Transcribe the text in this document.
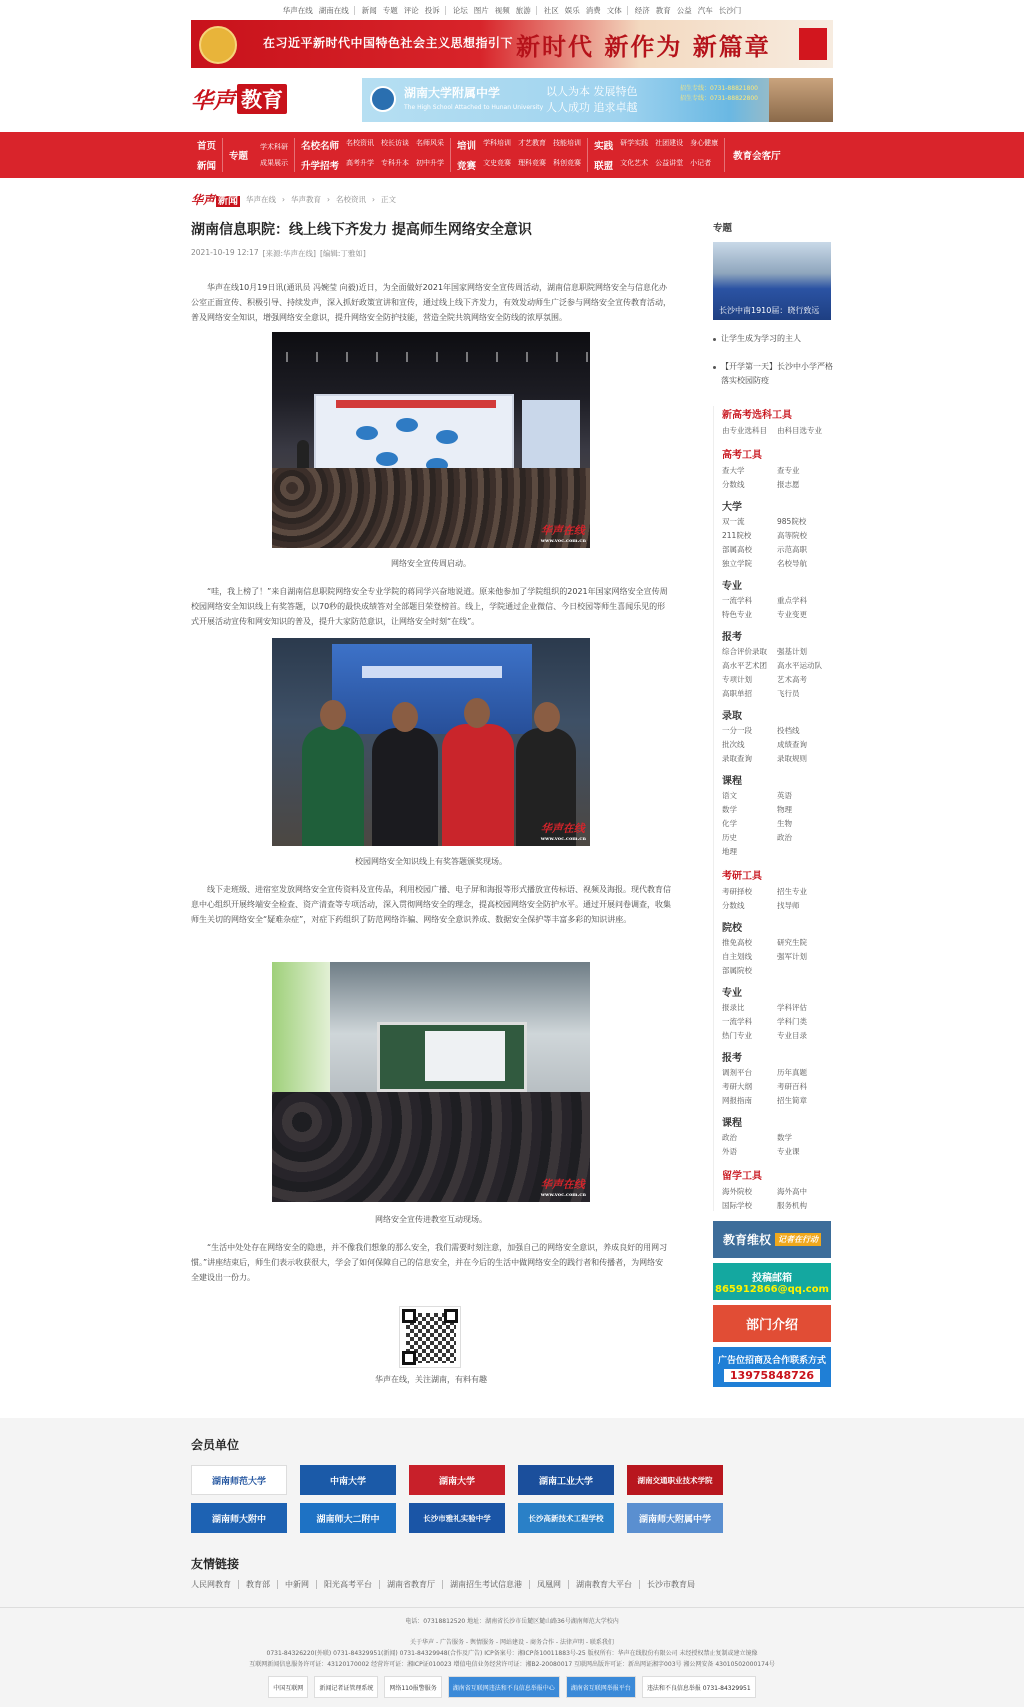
华声在线 湖南在线 新闻 专题 评论 投诉 论坛 图片 视频 旅游 社区 娱乐 消费 文体 经济 教育 公益 汽车 长沙门
在习近平新时代中国特色社会主义思想指引下 新时代 新作为 新篇章
华声 教育	湖南大学附属中学
The High School Attached to Hunan University
以人为本 发展特色
人人成功 追求卓越
招生专线：0731-88821800
招生专线：0731-88822800
首页
新闻
专题
学术科研
成果展示
名校名师 名校资讯 校长访谈 名师风采
升学招考 高考升学 专科升本 初中升学
培训 学科培训 才艺教育 技能培训
竞赛 文史竞赛 理科竞赛 科创竞赛
实践 研学实践 社团建设 身心健康
联盟 文化艺术 公益讲堂 小记者
教育会客厅
华声 新闻 华声在线 › 华声教育 › 名校资讯 › 正文
湖南信息职院：线上线下齐发力 提高师生网络安全意识
2021-10-19 12:17 [来源:华声在线] [编辑:丁雅如]

华声在线10月19日讯(通讯员 冯婉莹 向毅)近日，为全面做好2021年国家网络安全宣传周活动，湖南信息职院网络安全与信息化办公室正面宣传、积极引导、持续发声，深入抓好政策宣讲和宣传，通过线上线下齐发力，有效发动师生广泛参与网络安全宣传教育活动，普及网络安全知识，增强网络安全意识，提升网络安全防护技能，营造全院共筑网络安全防线的浓厚氛围。

华声在线
www.voc.com.cn

网络安全宣传周启动。

“哇，我上榜了！”来自湖南信息职院网络安全专业学院的蒋同学兴奋地说道。原来他参加了学院组织的2021年国家网络安全宣传周校园网络安全知识线上有奖答题，以70秒的最快成绩答对全部题目荣登榜首。线上，学院通过企业微信、今日校园等师生喜闻乐见的形式开展活动宣传和网安知识的普及，提升大家防范意识，让网络安全时刻“在线”。

华声在线
www.voc.com.cn

校园网络安全知识线上有奖答题颁奖现场。

线下走班级、进宿室发放网络安全宣传资料及宣传品，利用校园广播、电子屏和海报等形式播放宣传标语、视频及海报。现代教育信息中心组织开展终端安全检查、资产清查等专项活动，深入贯彻网络安全的理念，提高校园网络安全防护水平。通过开展问卷调查，收集师生关切的网络安全“疑难杂症”，对症下药组织了防范网络诈骗、网络安全意识养成、数据安全保护等丰富多彩的知识讲座。

华声在线
www.voc.com.cn

网络安全宣传进教室互动现场。

“生活中处处存在网络安全的隐患，并不像我们想象的那么安全，我们需要时刻注意，加强自己的网络安全意识，养成良好的用网习惯。”讲座结束后，师生们表示收获很大，学会了如何保障自己的信息安全，并在今后的生活中做网络安全的践行者和传播者，为网络安全建设出一份力。

华声在线，关注湖南，有料有趣

专题
长沙中南1910届：晓行致远
让学生成为学习的主人
【开学第一天】长沙中小学严格落实校园防疫
新高考选科工具
由专业选科目	由科目选专业
高考工具
查大学	查专业
分数线	报志愿
大学
双一流	985院校
211院校	高等院校
部属高校	示范高职
独立学院	名校导航
专业
一流学科	重点学科
特色专业	专业变更
报考
综合评价录取	强基计划
高水平艺术团	高水平运动队
专项计划	艺术高考
高职单招	飞行员
录取
一分一段	投档线
批次线	成绩查询
录取查询	录取规则
课程
语文	英语
数学	物理
化学	生物
历史	政治
地理
考研工具
考研择校	招生专业
分数线	找导师
院校
推免高校	研究生院
自主划线	强军计划
部属院校
专业
报录比	学科评估
一流学科	学科门类
热门专业	专业目录
报考
调剂平台	历年真题
考研大纲	考研百科
网报指南	招生简章
课程
政治	数学
外语	专业课
留学工具
海外院校	海外高中
国际学校	服务机构
教育维权 记者在行动
投稿邮箱
865912866@qq.com
部门介绍
广告位招商及合作联系方式
13975848726
会员单位
湖南师范大学	中南大学	湖南大学	湖南工业大学	湖南交通职业技术学院
湖南师大附中	湖南师大二附中	长沙市雅礼实验中学	长沙高新技术工程学校	湖南师大附属中学
友情链接
人民网教育	教育部	中新网	阳光高考平台	湖南省教育厅	湖南招生考试信息港	凤凰网	湖南教育大平台	长沙市教育局
电话：07318812520 地址：湖南省长沙市岳麓区麓山路36号湖南师范大学校内
关于华声 - 广告服务 - 舆情服务 - 网站建设 - 商务合作 - 法律声明 - 联系我们
0731-84326220(外联) 0731-84329951(新闻) 0731-84329948(合作及广告) ICP备案号：湘ICP备10011883号-25 版权所有：华声在线股份有限公司 未经授权禁止复制或建立镜像
互联网新闻信息服务许可证：43120170002 经营许可证：湘ICP证010023 增值电信业务经营许可证：湘B2-20080017 互联网出版许可证：新出网证湘字003号 湘公网安备 43010502000174号
中国互联网	新闻记者证管理系统	网络110报警服务	湖南省互联网违法和不良信息举报中心	湖南省互联网举报平台	违法和不良信息举报 0731-84329951
